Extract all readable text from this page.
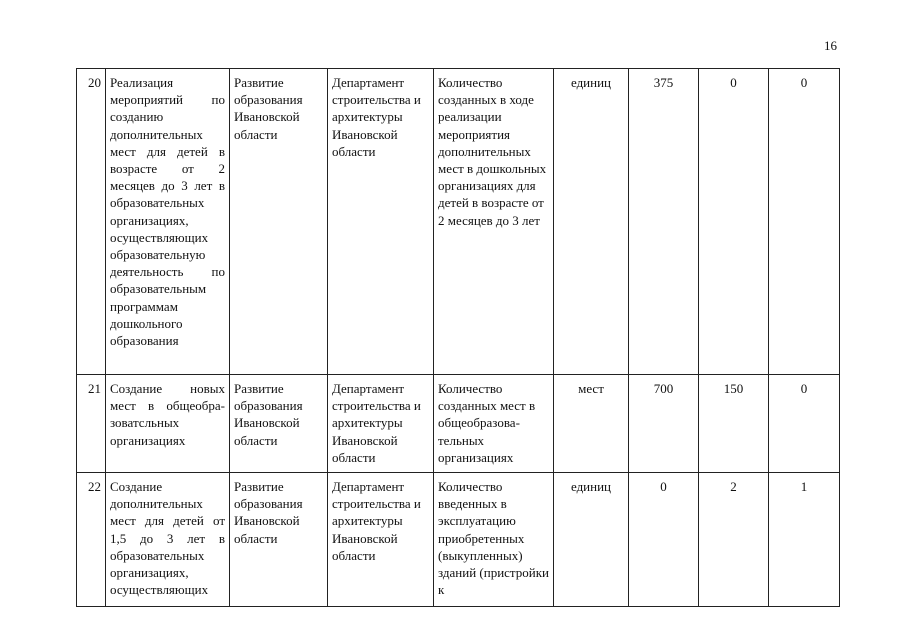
16
20	Реализация мероприятий по созданию дополнительных мест для детей в возрасте от 2 месяцев до 3 лет в образовательных организациях, осуществляющих образовательную деятельность по образовательным программам дошкольного образования	Развитие образования Ивановской области	Департамент строительства и архитектуры Ивановской области	Количество созданных в ходе реализации мероприятия дополнительных мест в дошкольных организациях для детей в возрасте от 2 месяцев до 3 лет	единиц	375	0	0
21	Создание новых мест в общеобра-зоватсльных организациях	Развитие образования Ивановской области	Департамент строительства и архитектуры Ивановской области	Количество созданных мест в общеобразова-тельных организациях	мест	700	150	0
22	Создание дополнительных мест для детей от 1,5 до 3 лет в образовательных организациях, осуществляющих	Развитие образования Ивановской области	Департамент строительства и архитектуры Ивановской области	Количество введенных в эксплуатацию приобретенных (выкупленных) зданий (пристройки к	единиц	0	2	1
